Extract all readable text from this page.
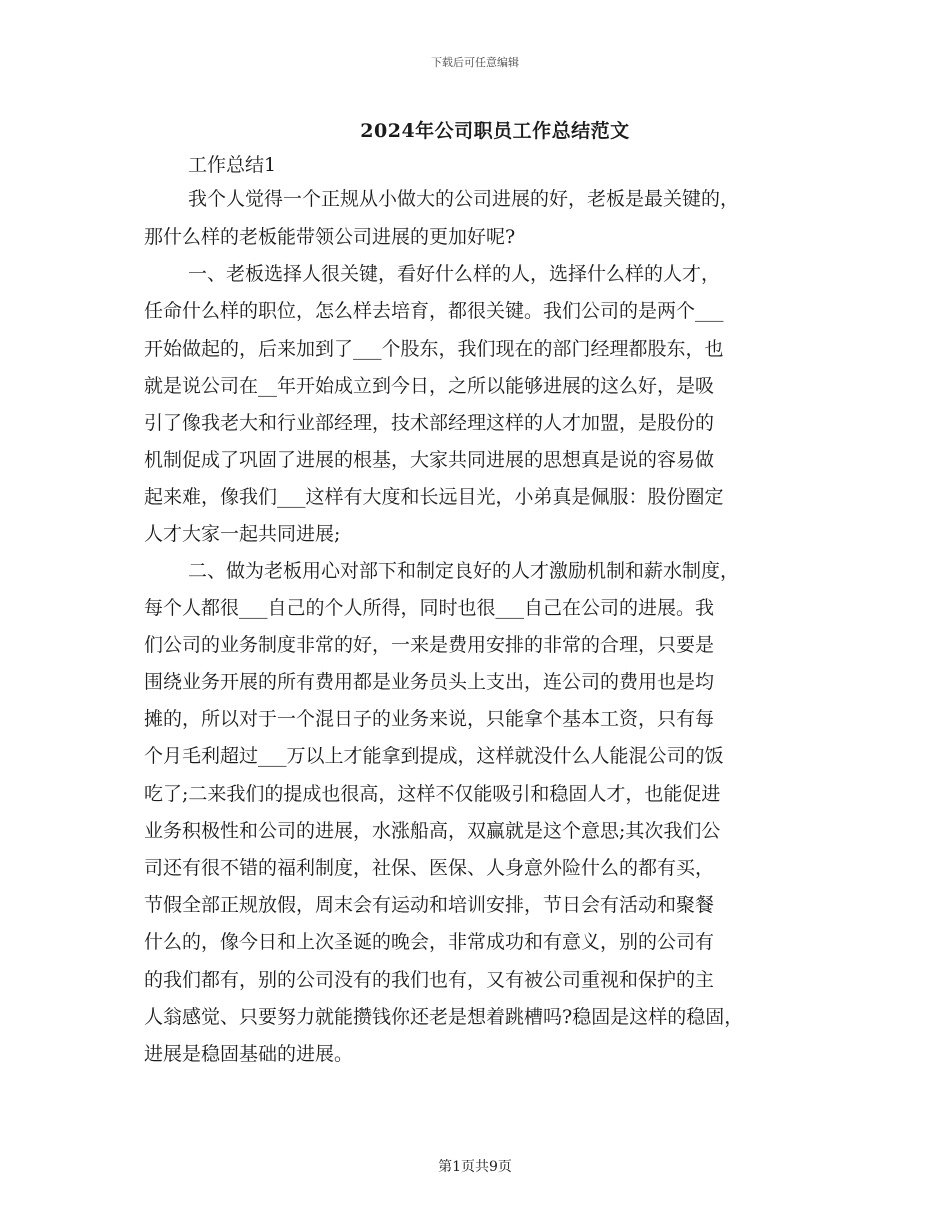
下载后可任意编辑
2024年公司职员工作总结范文
工作总结1
我个人觉得一个正规从小做大的公司进展的好，老板是最关键的，
那什么样的老板能带领公司进展的更加好呢?
一、老板选择人很关键，看好什么样的人，选择什么样的人才，
任命什么样的职位，怎么样去培育，都很关键。我们公司的是两个___
开始做起的，后来加到了___个股东，我们现在的部门经理都股东，也
就是说公司在__年开始成立到今日，之所以能够进展的这么好，是吸
引了像我老大和行业部经理，技术部经理这样的人才加盟，是股份的
机制促成了巩固了进展的根基，大家共同进展的思想真是说的容易做
起来难，像我们___这样有大度和长远目光，小弟真是佩服：股份圈定
人才大家一起共同进展;
二、做为老板用心对部下和制定良好的人才激励机制和薪水制度，
每个人都很___自己的个人所得，同时也很___自己在公司的进展。我
们公司的业务制度非常的好，一来是费用安排的非常的合理，只要是
围绕业务开展的所有费用都是业务员头上支出，连公司的费用也是均
摊的，所以对于一个混日子的业务来说，只能拿个基本工资，只有每
个月毛利超过___万以上才能拿到提成，这样就没什么人能混公司的饭
吃了;二来我们的提成也很高，这样不仅能吸引和稳固人才，也能促进
业务积极性和公司的进展，水涨船高，双赢就是这个意思;其次我们公
司还有很不错的福利制度，社保、医保、人身意外险什么的都有买，
节假全部正规放假，周末会有运动和培训安排，节日会有活动和聚餐
什么的，像今日和上次圣诞的晚会，非常成功和有意义，别的公司有
的我们都有，别的公司没有的我们也有，又有被公司重视和保护的主
人翁感觉、只要努力就能攒钱你还老是想着跳槽吗?稳固是这样的稳固，
进展是稳固基础的进展。
第1页共9页
